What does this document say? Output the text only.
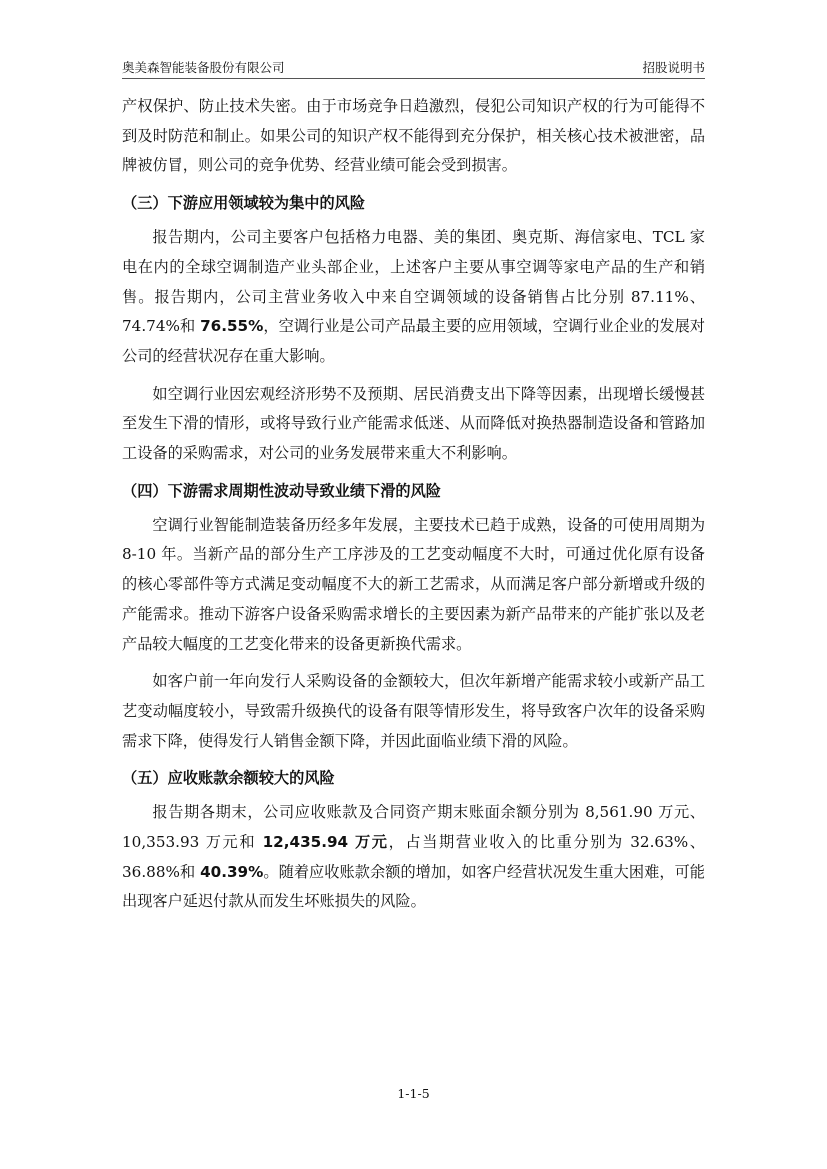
奥美森智能装备股份有限公司	招股说明书

产权保护、防止技术失密。由于市场竞争日趋激烈，侵犯公司知识产权的行为可能得不到及时防范和制止。如果公司的知识产权不能得到充分保护，相关核心技术被泄密，品牌被仿冒，则公司的竞争优势、经营业绩可能会受到损害。

（三）下游应用领域较为集中的风险

报告期内，公司主要客户包括格力电器、美的集团、奥克斯、海信家电、TCL 家电在内的全球空调制造产业头部企业，上述客户主要从事空调等家电产品的生产和销售。报告期内，公司主营业务收入中来自空调领域的设备销售占比分别 87.11%、74.74%和 76.55%，空调行业是公司产品最主要的应用领域，空调行业企业的发展对公司的经营状况存在重大影响。

如空调行业因宏观经济形势不及预期、居民消费支出下降等因素，出现增长缓慢甚至发生下滑的情形，或将导致行业产能需求低迷、从而降低对换热器制造设备和管路加工设备的采购需求，对公司的业务发展带来重大不利影响。

（四）下游需求周期性波动导致业绩下滑的风险

空调行业智能制造装备历经多年发展，主要技术已趋于成熟，设备的可使用周期为 8-10 年。当新产品的部分生产工序涉及的工艺变动幅度不大时，可通过优化原有设备的核心零部件等方式满足变动幅度不大的新工艺需求，从而满足客户部分新增或升级的产能需求。推动下游客户设备采购需求增长的主要因素为新产品带来的产能扩张以及老产品较大幅度的工艺变化带来的设备更新换代需求。

如客户前一年向发行人采购设备的金额较大，但次年新增产能需求较小或新产品工艺变动幅度较小，导致需升级换代的设备有限等情形发生，将导致客户次年的设备采购需求下降，使得发行人销售金额下降，并因此面临业绩下滑的风险。

（五）应收账款余额较大的风险

报告期各期末，公司应收账款及合同资产期末账面余额分别为 8,561.90 万元、10,353.93 万元和 12,435.94 万元，占当期营业收入的比重分别为 32.63%、36.88%和 40.39%。随着应收账款余额的增加，如客户经营状况发生重大困难，可能出现客户延迟付款从而发生坏账损失的风险。

1-1-5
